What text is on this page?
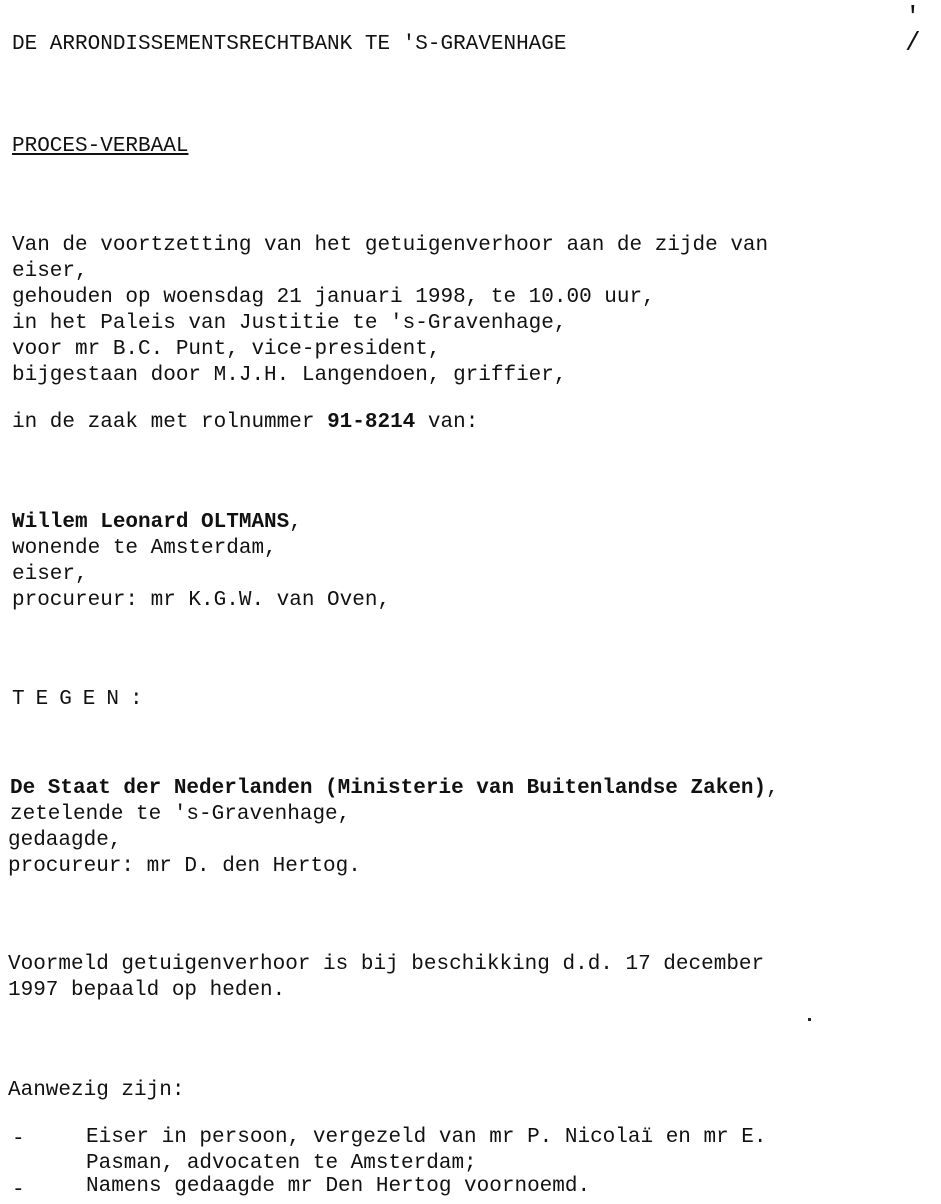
' /
DE ARRONDISSEMENTSRECHTBANK TE 'S-GRAVENHAGE
PROCES-VERBAAL
Van de voortzetting van het getuigenverhoor aan de zijde van
eiser,
gehouden op woensdag 21 januari 1998, te 10.00 uur,
in het Paleis van Justitie te 's-Gravenhage,
voor mr B.C. Punt, vice-president,
bijgestaan door M.J.H. Langendoen, griffier,
in de zaak met rolnummer 91-8214 van:
Willem Leonard OLTMANS,
wonende te Amsterdam,
eiser,
procureur: mr K.G.W. van Oven,
TEGEN:
De Staat der Nederlanden (Ministerie van Buitenlandse Zaken),
zetelende te 's-Gravenhage,
gedaagde,
procureur: mr D. den Hertog.
Voormeld getuigenverhoor is bij beschikking d.d. 17 december
1997 bepaald op heden.
Aanwezig zijn:
-	Eiser in persoon, vergezeld van mr P. Nicolaï en mr E.
Pasman, advocaten te Amsterdam;
-	Namens gedaagde mr Den Hertog voornoemd.
